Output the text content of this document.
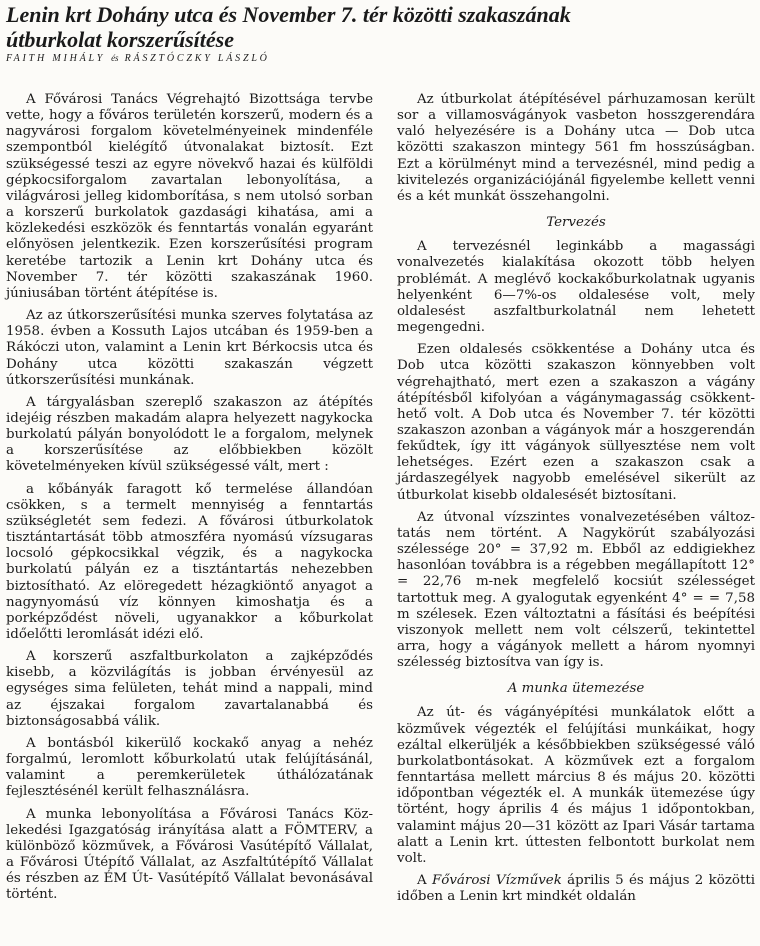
Lenin krt Dohány utca és November 7. tér közötti szakaszának
útburkolat korszerűsítése
FAITH MIHÁLY és RÁSZTÓCZKY LÁSZLÓ

A Fővárosi Tanács Végrehajtó Bizottsága tervbe vette, hogy a főváros területén korszerű, modern és a nagyvárosi forgalom követelményeinek mindenféle szempontból kielégítő útvonalakat biztosít. Ezt szükségessé teszi az egyre növekvő hazai és külföldi gépkocsiforgalom zavartalan lebonyolítása, a világvárosi jelleg kidomborítása, s nem utolsó sorban a korszerű burkolatok gazdasági kihatása, ami a közlekedési eszközök és fenntartás vonalán egyaránt előnyösen jelentkezik. Ezen korszerűsítési program keretébe tartozik a Lenin krt Dohány utca és November 7. tér közötti szakaszának 1960. júniusában történt átépítése is.

Az az útkorszerűsítési munka szerves folytatása az 1958. évben a Kossuth Lajos utcában és 1959-ben a Rákóczi uton, valamint a Lenin krt Bérkocsis utca és Dohány utca közötti szakaszán végzett útkorszerűsítési munkának.

A tárgyalásban szereplő szakaszon az átépítés idejéig részben makadám alapra helyezett nagykocka burkolatú pályán bonyolódott le a forgalom, melynek a korszerűsítése az előbbiekben közölt követelményeken kívül szükségessé vált, mert :

a kőbányák faragott kő termelése állandóan csökken, s a termelt mennyiség a fenntartás szükségletét sem fedezi. A fővárosi útburkolatok tisztántartását több atmoszféra nyomású vízsugaras locsoló gépkocsikkal végzik, és a nagykocka burkolatú pályán ez a tisztántartás nehezebben biztosítható. Az elöregedett hézagkiöntő anyagot a nagynyomású víz könnyen kimoshatja és a porképződést növeli, ugyanakkor a kőburkolat időelőtti leromlását idézi elő.

A korszerű aszfaltburkolaton a zajképződés kisebb, a közvilágítás is jobban érvényesül az egységes sima felületen, tehát mind a nappali, mind az éjszakai forgalom zavartalanabbá és biztonságosabbá válik.

A bontásból kikerülő kockakő anyag a nehéz forgalmú, leromlott kőburkolatú utak felújításánál, valamint a peremkerületek úthálózatának fejlesztésénél került felhasználásra.

A munka lebonyolítása a Fővárosi Tanács Közlekedési Igazgatóság irányítása alatt a FÖMTERV, a különböző közművek, a Fővárosi Vasútépítő Vállalat, a Fővárosi Útépítő Vállalat, az Aszfaltútépítő Vállalat és részben az ÉM Út- Vasútépítő Vállalat bevonásával történt.

Az útburkolat átépítésével párhuzamosan került sor a villamosvágányok vasbeton hosszgerendára való helyezésére is a Dohány utca — Dob utca közötti szakaszon mintegy 561 fm hosszúságban. Ezt a körülményt mind a tervezésnél, mind pedig a kivitelezés organizációjánál figyelembe kellett venni és a két munkát összehangolni.

Tervezés

A tervezésnél leginkább a magassági vonalvezetés kialakítása okozott több helyen problémát. A meglévő kockakőburkolatnak ugyanis helyenként 6—7%-os oldalesése volt, mely oldalesést aszfaltburkolatnál nem lehetett megengedni.

Ezen oldalesés csökkentése a Dohány utca és Dob utca közötti szakaszon könnyebben volt végrehajtható, mert ezen a szakaszon a vágány átépítésből kifolyóan a vágánymagasság csökkenthető volt. A Dob utca és November 7. tér közötti szakaszon azonban a vágányok már a hoszgerendán fekűdtek, így itt vágányok süllyesztése nem volt lehetséges. Ezért ezen a szakaszon csak a járdaszegélyek nagyobb emelésével sikerült az útburkolat kisebb oldalesését biztosítani.

Az útvonal vízszintes vonalvezetésében változtatás nem történt. A Nagykörút szabályozási szélessége 20° = 37,92 m. Ebből az eddigiekhez hasonlóan továbbra is a régebben megállapított 12° = 22,76 m-nek megfelelő kocsiút szélességet tartottuk meg. A gyalogutak egyenként 4° = = 7,58 m szélesek. Ezen változtatni a fásítási és beépítési viszonyok mellett nem volt célszerű, tekintettel arra, hogy a vágányok mellett a három nyomnyi szélesség biztosítva van így is.

A munka ütemezése

Az út- és vágányépítési munkálatok előtt a közművek végezték el felújítási munkáikat, hogy ezáltal elkerüljék a későbbiekben szükségessé váló burkolatbontásokat. A közművek ezt a forgalom fenntartása mellett március 8 és május 20. közötti időpontban végezték el. A munkák ütemezése úgy történt, hogy április 4 és május 1 időpontokban, valamint május 20—31 között az Ipari Vásár tartama alatt a Lenin krt. úttesten felbontott burkolat nem volt.

A Fővárosi Vízművek április 5 és május 2 közötti időben a Lenin krt mindkét oldalán
